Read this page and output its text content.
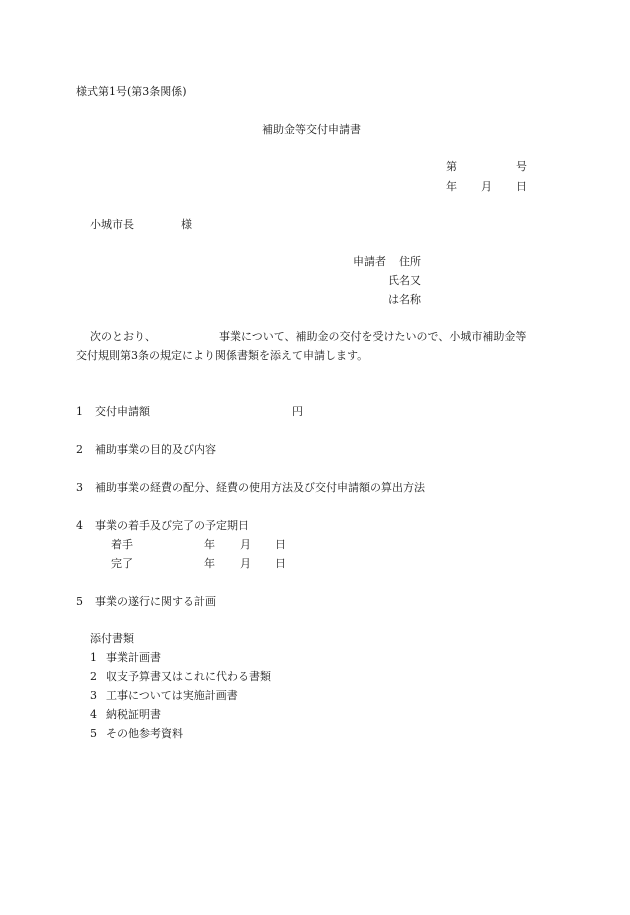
様式第1号(第3条関係)
補助金等交付申請書
第	号
年 月 日
小城市長	様
申請者 住所
氏名又
は名称
次のとおり、	事業について、補助金の交付を受けたいので、小城市補助金等
交付規則第3条の規定により関係書類を添えて申請します。
1 交付申請額	円
2 補助事業の目的及び内容
3 補助事業の経費の配分、経費の使用方法及び交付申請額の算出方法
4 事業の着手及び完了の予定期日
着手	年 月 日
完了	年 月 日
5 事業の遂行に関する計画
添付書類
1 事業計画書
2 収支予算書又はこれに代わる書類
3 工事については実施計画書
4 納税証明書
5 その他参考資料
